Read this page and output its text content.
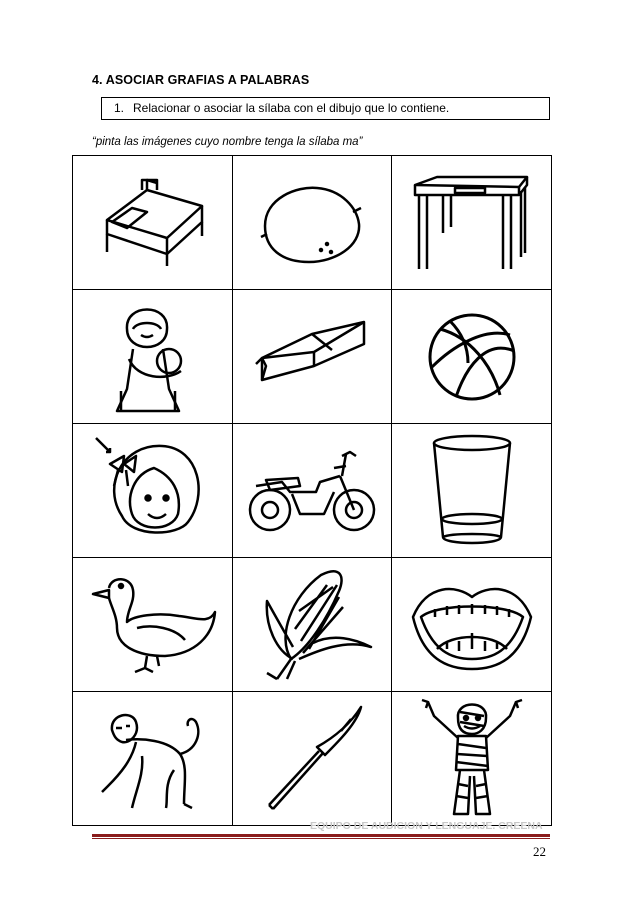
4. ASOCIAR GRAFIAS A PALABRAS
1. Relacionar o asociar la sílaba con el dibujo que lo contiene.
“pinta las imágenes cuyo nombre tenga la sílaba ma”

EQUIPO DE AUDICION Y LENGUAJE. CREENA
22
